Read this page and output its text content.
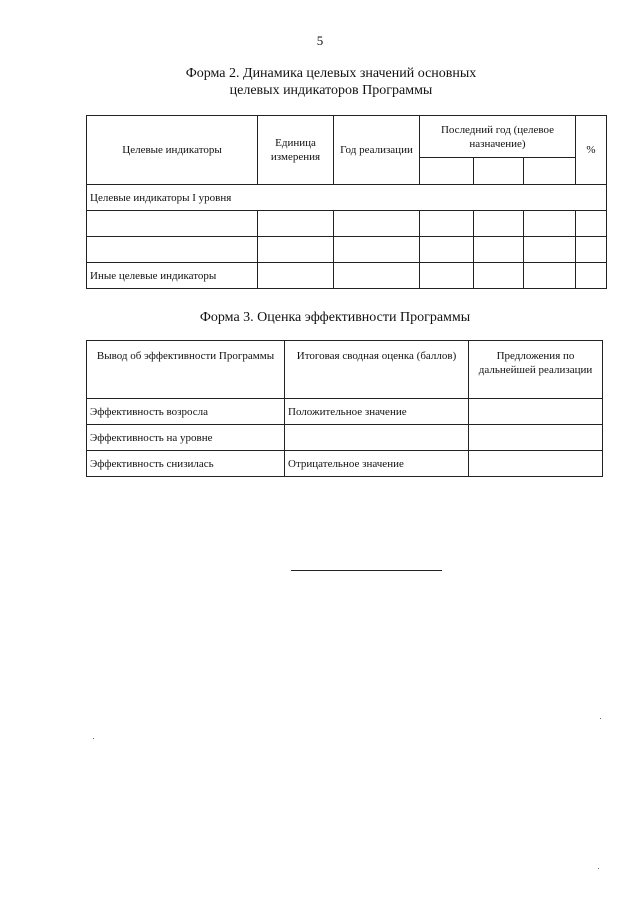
5
Форма 2. Динамика целевых значений основных
целевых индикаторов Программы
Целевые индикаторы	Единица измерения	Год реализации	Последний год (целевое назначение)			%

Целевые индикаторы I уровня						

Иные целевые индикаторы						
Форма 3. Оценка эффективности Программы
Вывод об эффективности Программы	Итоговая сводная оценка (баллов)	Предложения по дальнейшей реализации
Эффективность возросла	Положительное значение	
Эффективность на уровне		
Эффективность снизилась	Отрицательное значение	
